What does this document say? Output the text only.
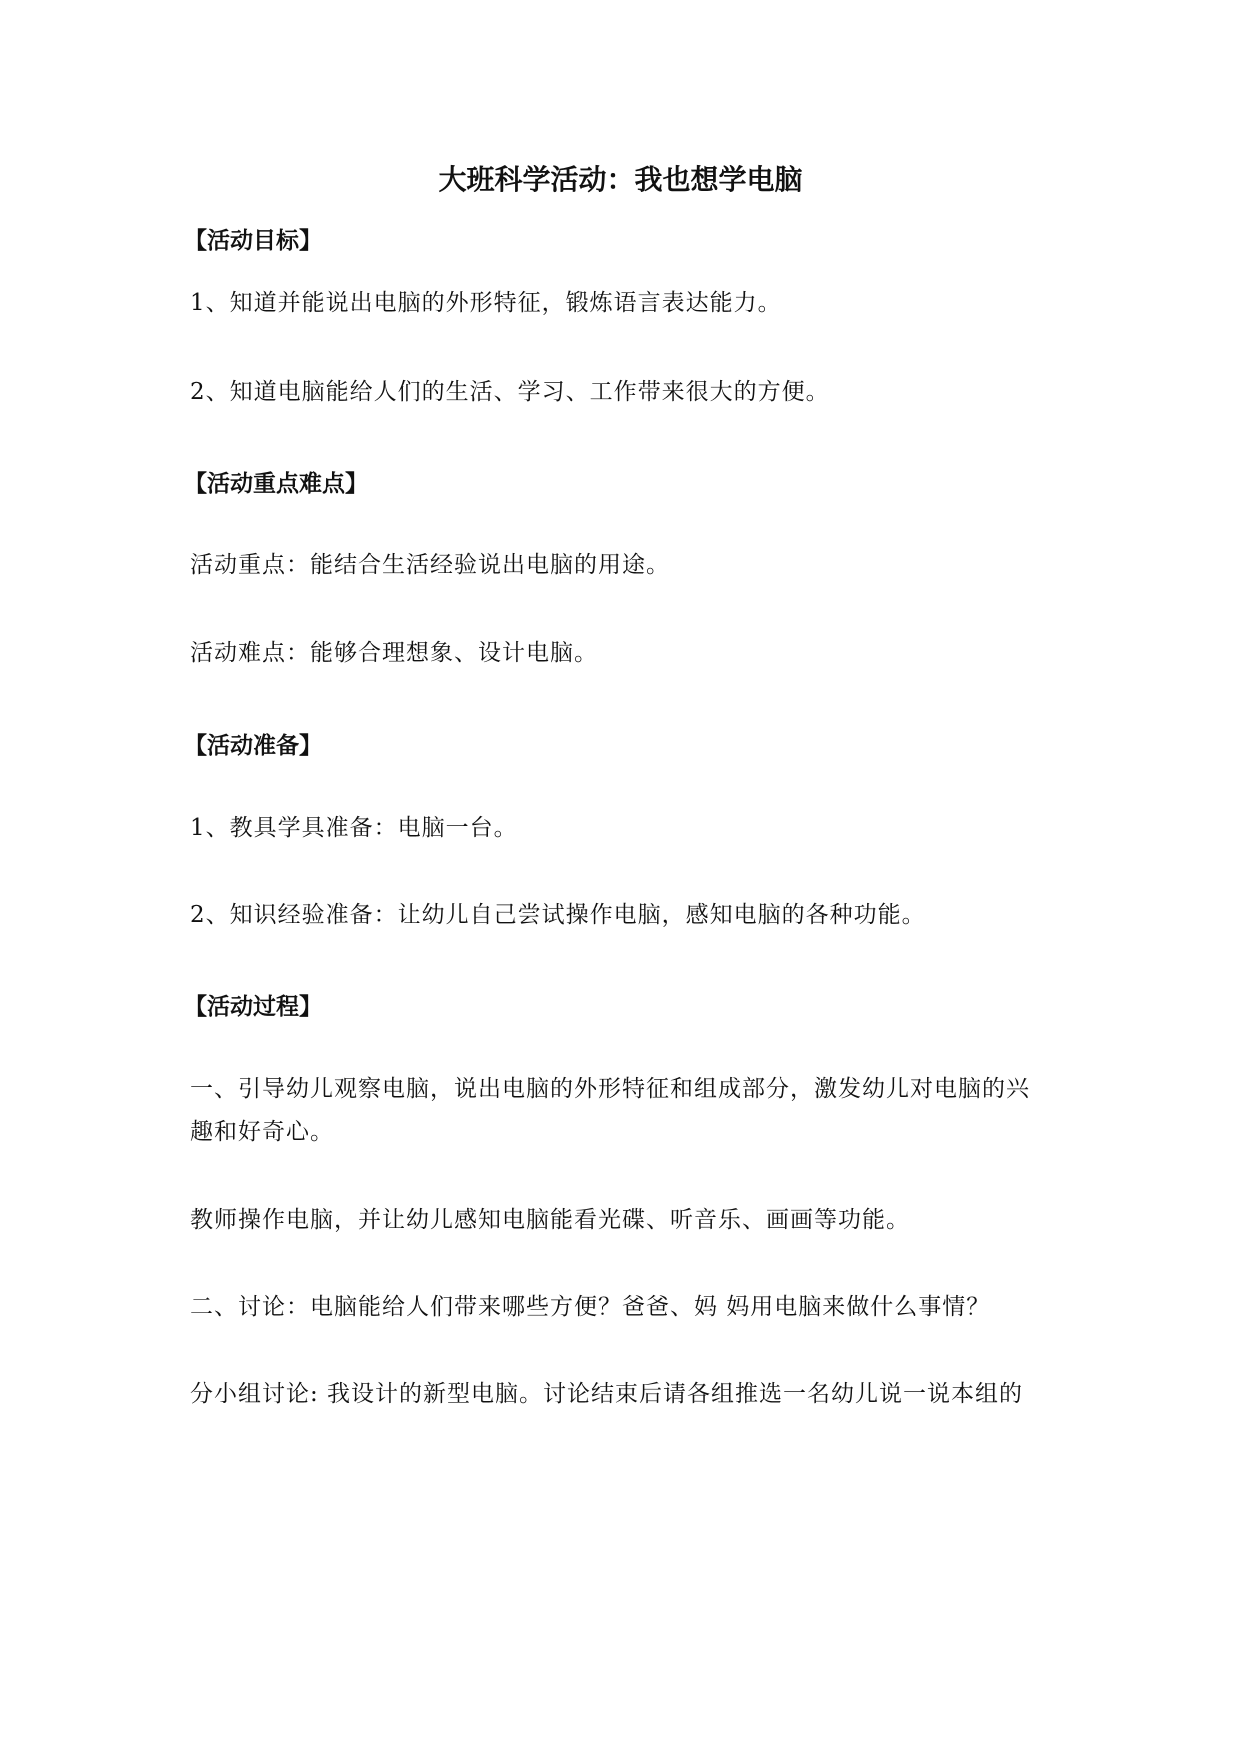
大班科学活动：我也想学电脑
【活动目标】
1、知道并能说出电脑的外形特征，锻炼语言表达能力。
2、知道电脑能给人们的生活、学习、工作带来很大的方便。
【活动重点难点】
活动重点：能结合生活经验说出电脑的用途。
活动难点：能够合理想象、设计电脑。
【活动准备】
1、教具学具准备：电脑一台。
2、知识经验准备：让幼儿自己尝试操作电脑，感知电脑的各种功能。
【活动过程】
一、引导幼儿观察电脑，说出电脑的外形特征和组成部分，激发幼儿对电脑的兴
趣和好奇心。
教师操作电脑，并让幼儿感知电脑能看光碟、听音乐、画画等功能。
二、讨论：电脑能给人们带来哪些方便？爸爸、妈 妈用电脑来做什么事情？
分小组讨论: 我设计的新型电脑。讨论结束后请各组推选一名幼儿说一说本组的
